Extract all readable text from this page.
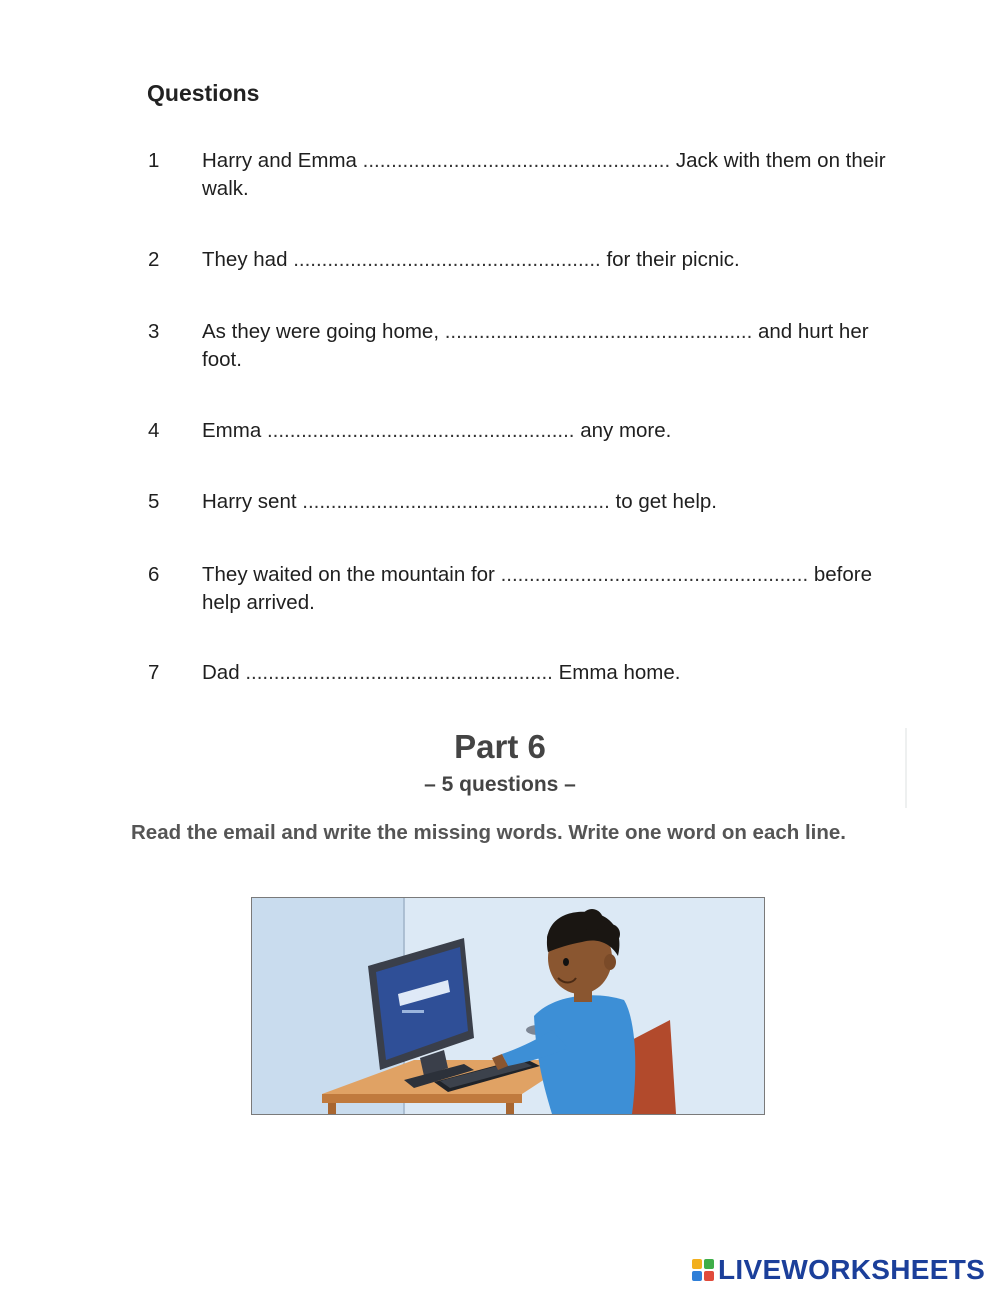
Questions
1	Harry and Emma ...................................................... Jack with them on their walk.
2	They had ...................................................... for their picnic.
3	As they were going home, ...................................................... and hurt her foot.
4	Emma ...................................................... any more.
5	Harry sent ...................................................... to get help.
6	They waited on the mountain for ...................................................... before help arrived.
7	Dad ...................................................... Emma home.
Part 6
– 5 questions –
Read the email and write the missing words. Write one word on each line.
LIVEWORKSHEETS
